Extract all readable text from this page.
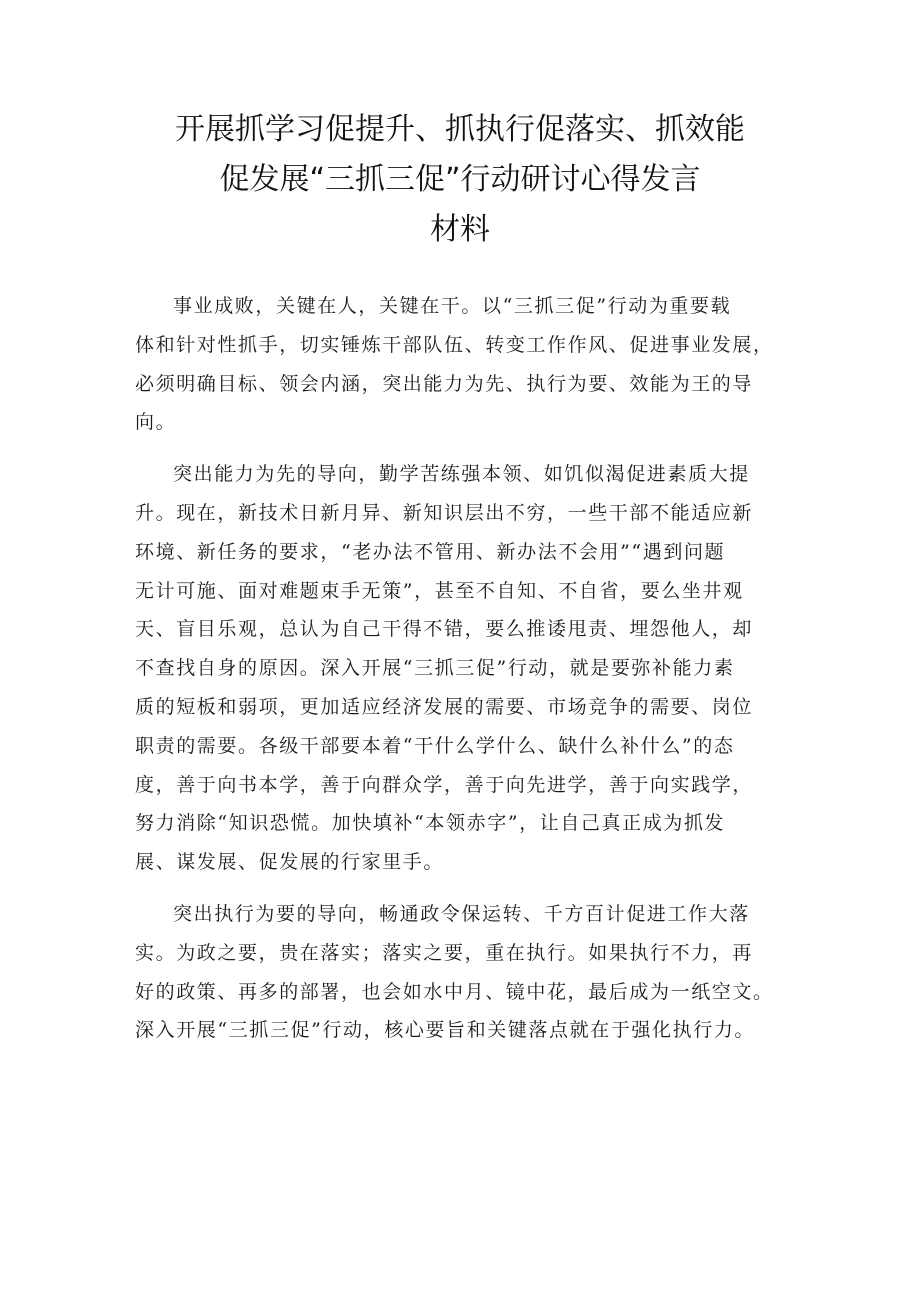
开展抓学习促提升、抓执行促落实、抓效能
促发展“三抓三促”行动研讨心得发言
材料
事业成败，关键在人，关键在干。以“三抓三促”行动为重要载
体和针对性抓手，切实锤炼干部队伍、转变工作作风、促进事业发展，
必须明确目标、领会内涵，突出能力为先、执行为要、效能为王的导
向。
突出能力为先的导向，勤学苦练强本领、如饥似渴促进素质大提
升。现在，新技术日新月异、新知识层出不穷，一些干部不能适应新
环境、新任务的要求，“老办法不管用、新办法不会用”“遇到问题
无计可施、面对难题束手无策”，甚至不自知、不自省，要么坐井观
天、盲目乐观，总认为自己干得不错，要么推诿甩责、埋怨他人，却
不查找自身的原因。深入开展“三抓三促”行动，就是要弥补能力素
质的短板和弱项，更加适应经济发展的需要、市场竞争的需要、岗位
职责的需要。各级干部要本着“干什么学什么、缺什么补什么”的态
度，善于向书本学，善于向群众学，善于向先进学，善于向实践学，
努力消除“知识恐慌。加快填补“本领赤字”，让自己真正成为抓发
展、谋发展、促发展的行家里手。
突出执行为要的导向，畅通政令保运转、千方百计促进工作大落
实。为政之要，贵在落实；落实之要，重在执行。如果执行不力，再
好的政策、再多的部署，也会如水中月、镜中花，最后成为一纸空文。
深入开展“三抓三促”行动，核心要旨和关键落点就在于强化执行力。
